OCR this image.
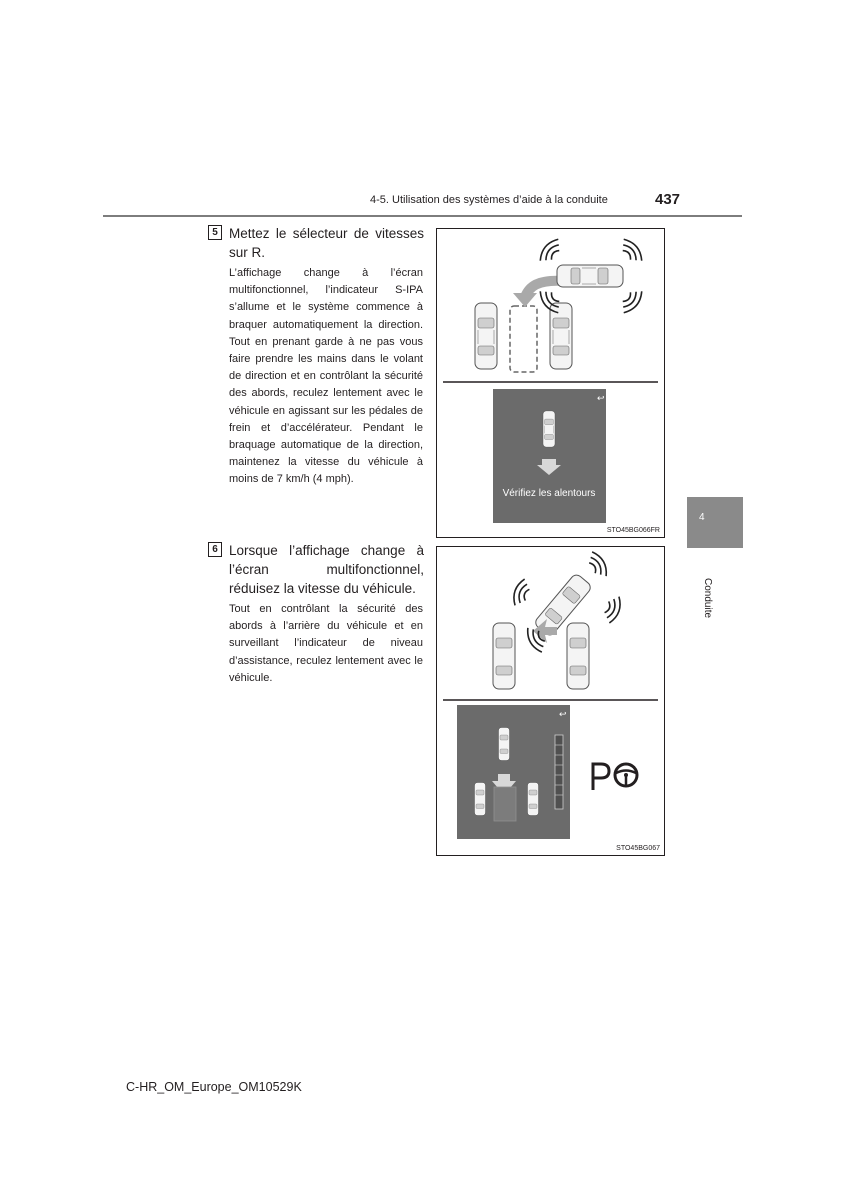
4-5. Utilisation des systèmes d’aide à la conduite	437
4
Conduite
5 Mettez le sélecteur de vitesses sur R.
L’affichage change à l’écran multifonctionnel, l’indicateur S-IPA s’allume et le système commence à braquer automatiquement la direction. Tout en prenant garde à ne pas vous faire prendre les mains dans le volant de direction et en contrôlant la sécurité des abords, reculez lentement avec le véhicule en agissant sur les pédales de frein et d’accélérateur. Pendant le braquage automatique de la direction, maintenez la vitesse du véhicule à moins de 7 km/h (4 mph).
6 Lorsque l’affichage change à l’écran multifonctionnel, réduisez la vitesse du véhicule.
Tout en contrôlant la sécurité des abords à l’arrière du véhicule et en surveillant l’indicateur de niveau d’assistance, reculez lentement avec le véhicule.
↩
Vérifiez les alentours
STO45BG066FR
↩
STO45BG067
C-HR_OM_Europe_OM10529K
